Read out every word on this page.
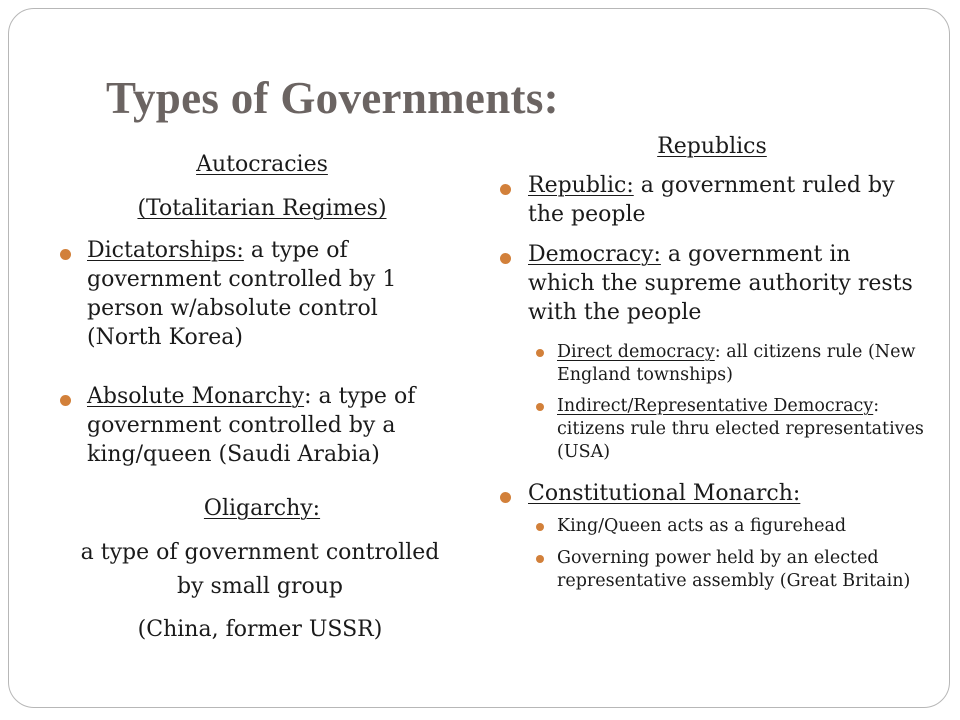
Types of Governments:
Autocracies
(Totalitarian Regimes)
Dictatorships: a type of government controlled by 1 person w/absolute control (North Korea)
Absolute Monarchy: a type of government controlled by a king/queen (Saudi Arabia)
Oligarchy:
a type of government controlled
by small group
(China, former USSR)
Republics
Republic: a government ruled by the people
Democracy: a government in which the supreme authority rests with the people
Direct democracy: all citizens rule (New England townships)
Indirect/Representative Democracy: citizens rule thru elected representatives (USA)
Constitutional Monarch:
King/Queen acts as a figurehead
Governing power held by an elected representative assembly (Great Britain)
